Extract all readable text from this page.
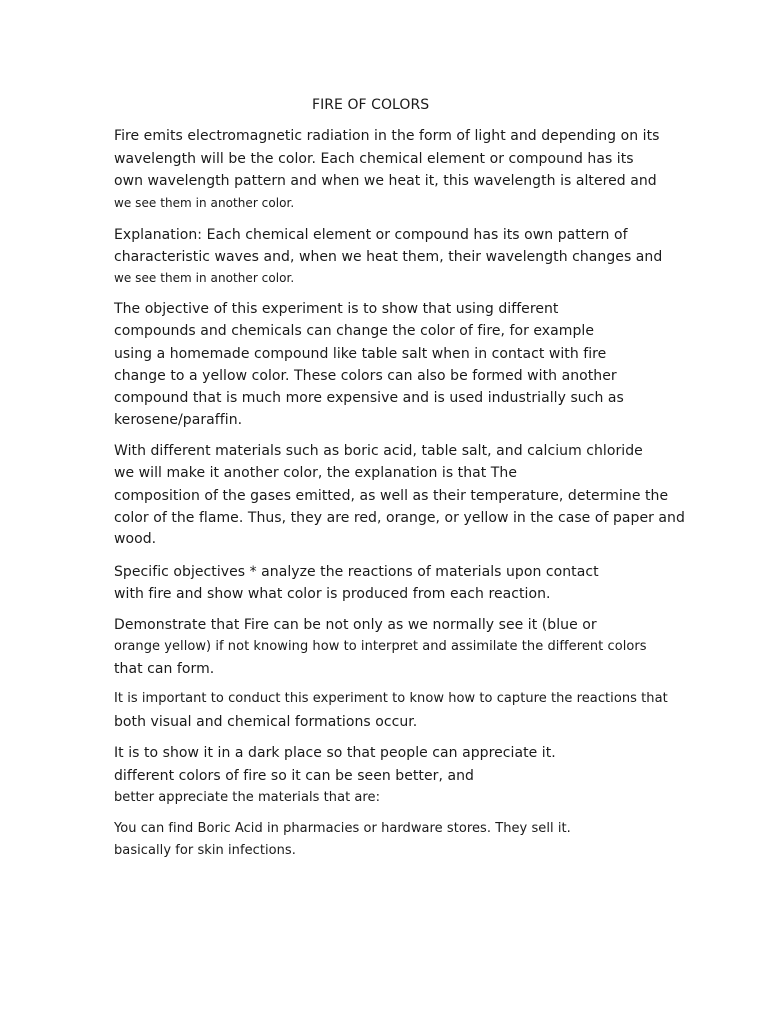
FIRE OF COLORS
Fire emits electromagnetic radiation in the form of light and depending on its
wavelength will be the color. Each chemical element or compound has its
own wavelength pattern and when we heat it, this wavelength is altered and
we see them in another color.
Explanation: Each chemical element or compound has its own pattern of
characteristic waves and, when we heat them, their wavelength changes and
we see them in another color.
The objective of this experiment is to show that using different
compounds and chemicals can change the color of fire, for example
using a homemade compound like table salt when in contact with fire
change to a yellow color. These colors can also be formed with another
compound that is much more expensive and is used industrially such as
kerosene/paraffin.
With different materials such as boric acid, table salt, and calcium chloride
we will make it another color, the explanation is that The
composition of the gases emitted, as well as their temperature, determine the
color of the flame. Thus, they are red, orange, or yellow in the case of paper and
wood.
Specific objectives * analyze the reactions of materials upon contact
with fire and show what color is produced from each reaction.
Demonstrate that Fire can be not only as we normally see it (blue or
orange yellow) if not knowing how to interpret and assimilate the different colors
that can form.
It is important to conduct this experiment to know how to capture the reactions that
both visual and chemical formations occur.
It is to show it in a dark place so that people can appreciate it.
different colors of fire so it can be seen better, and
better appreciate the materials that are:
You can find Boric Acid in pharmacies or hardware stores. They sell it.
basically for skin infections.
